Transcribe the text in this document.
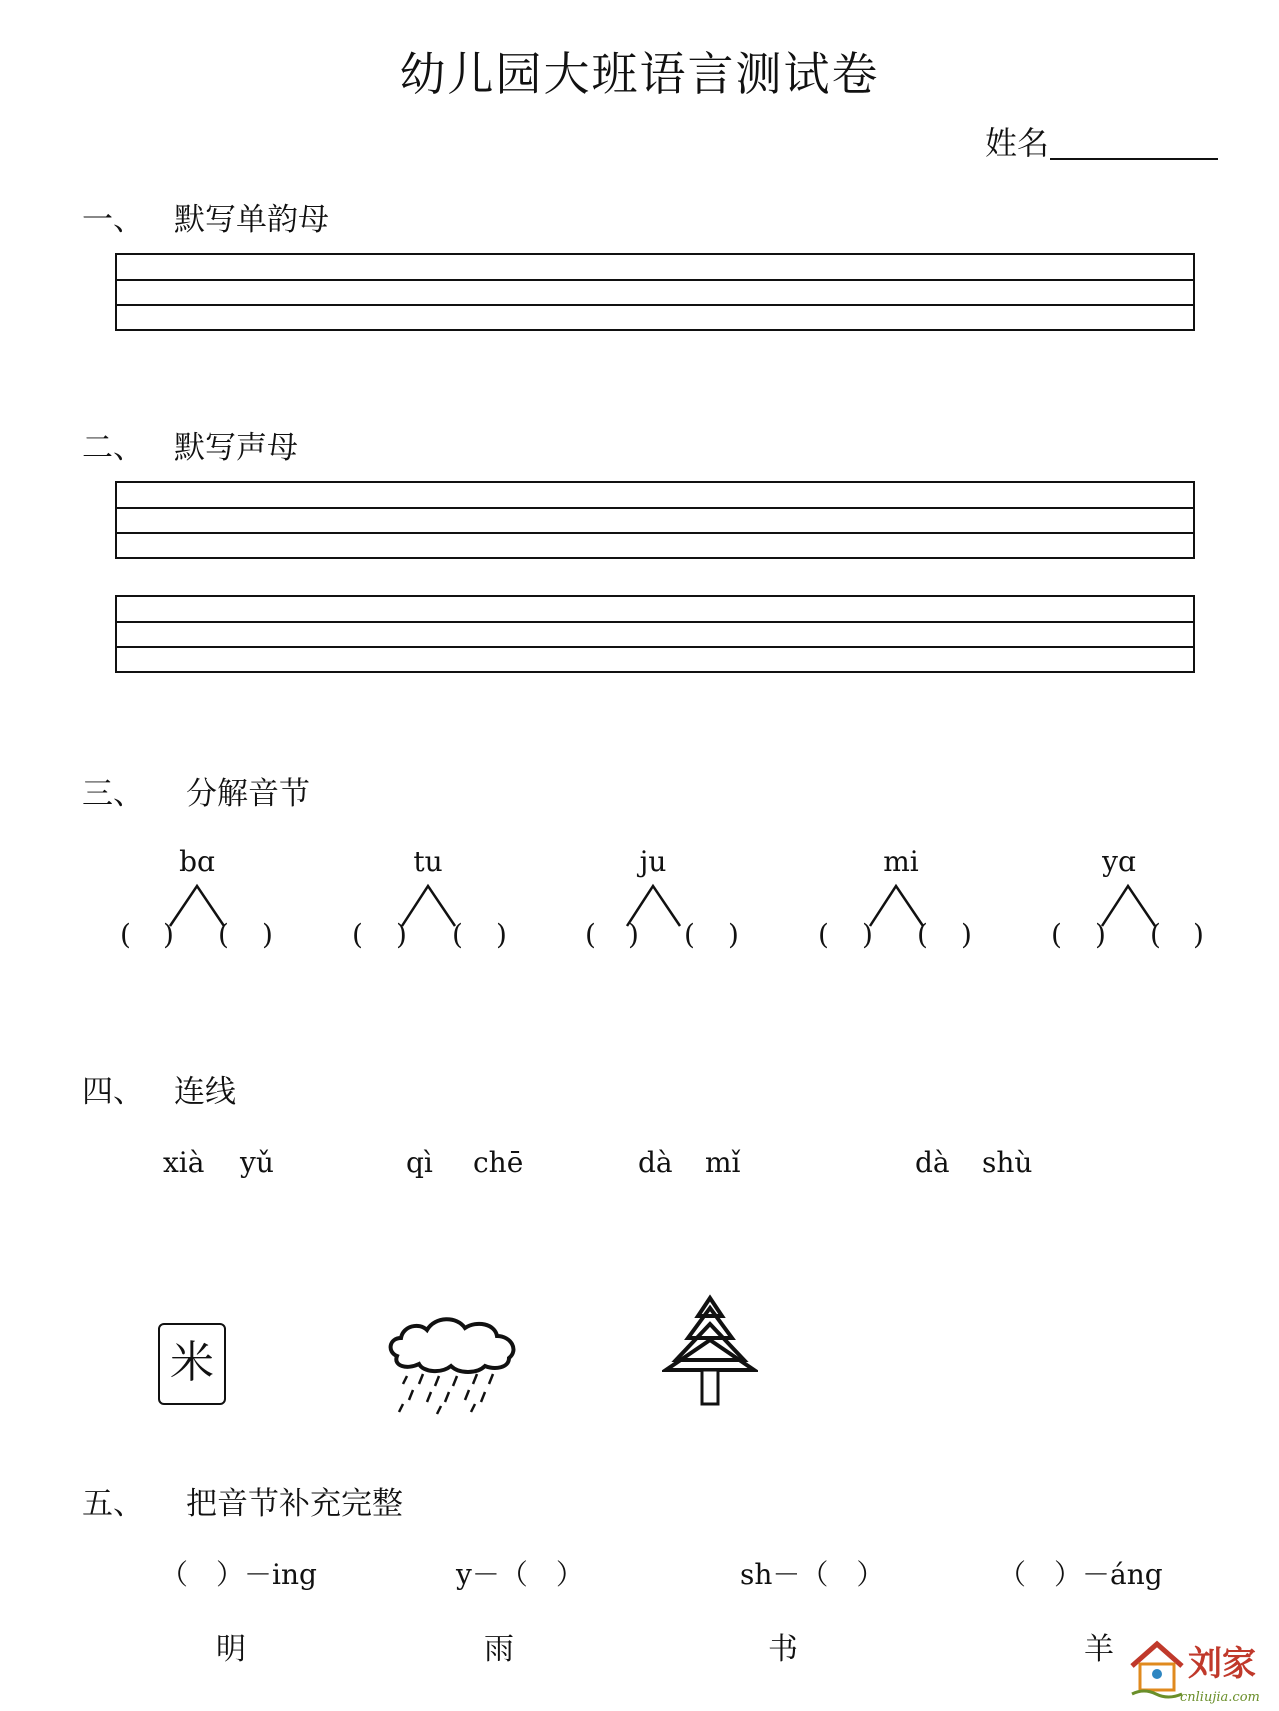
幼儿园大班语言测试卷
姓名
一、 默写单韵母
二、 默写声母
三、 分解音节
bɑ	tu	ju	mi	yɑ
( ) ( )	( ) ( )	( ) ( )	( ) ( )	( ) ( )
四、 连线
xià yǔ	qì chē	dà mǐ	dà shù
米
五、 把音节补充完整
（　）－ing	y－（　）	sh－（　）	（　）－áng
明	雨	书	羊 刘家
cnliujia.com
